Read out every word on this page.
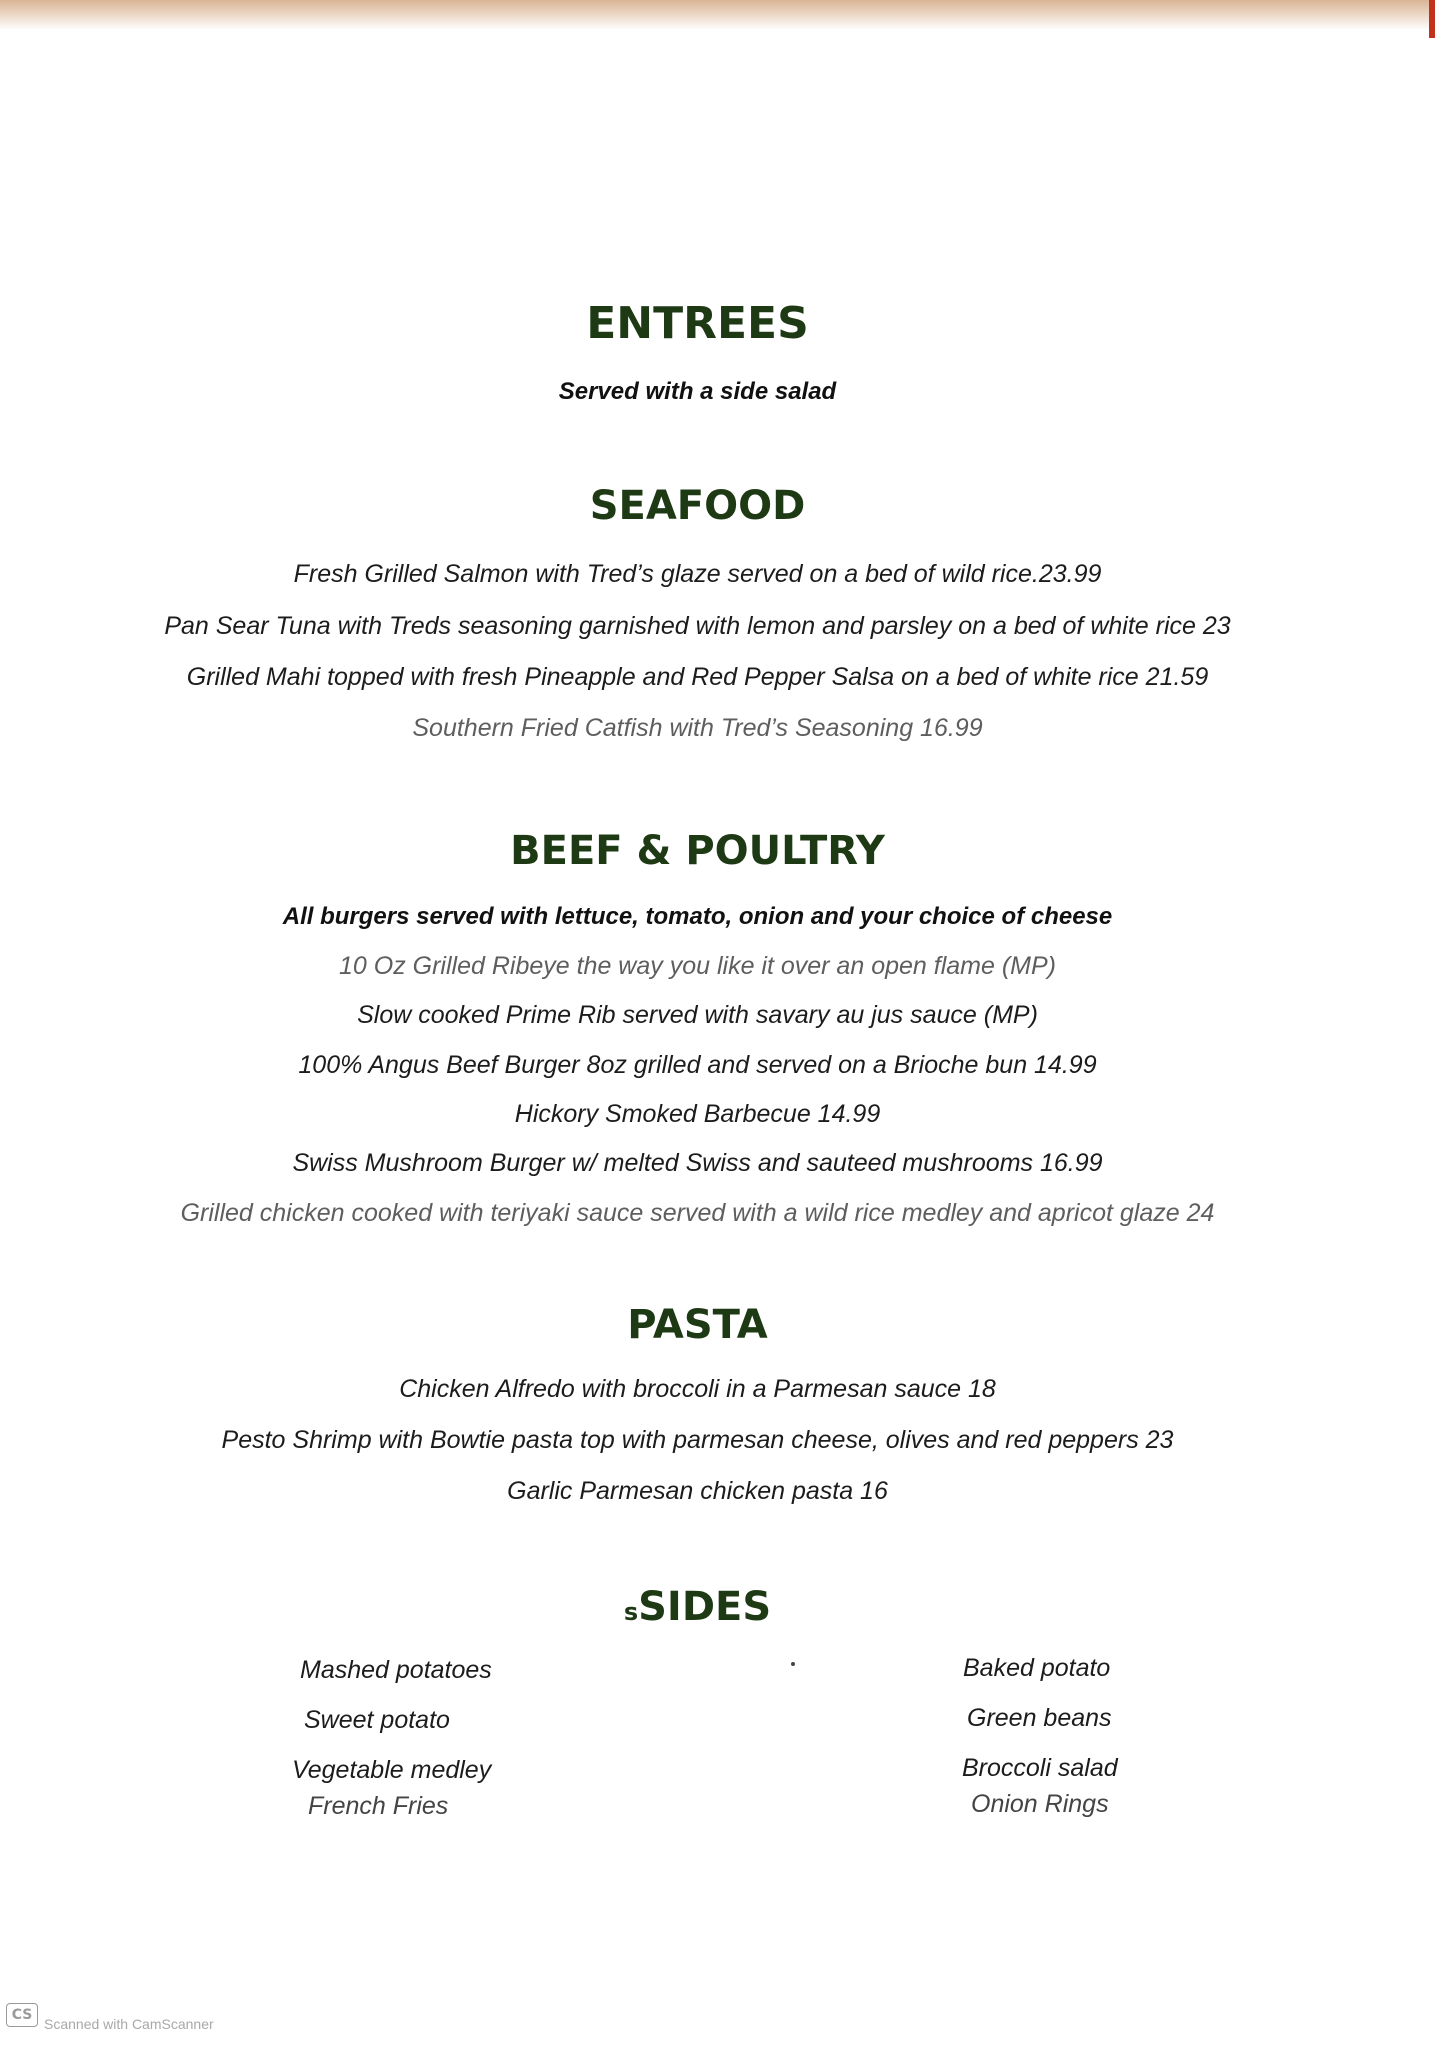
ENTREES
Served with a side salad
SEAFOOD
Fresh Grilled Salmon with Tred’s glaze served on a bed of wild rice.23.99
Pan Sear Tuna with Treds seasoning garnished with lemon and parsley on a bed of white rice 23
Grilled Mahi topped with fresh Pineapple and Red Pepper Salsa on a bed of white rice 21.59
Southern Fried Catfish with Tred’s Seasoning 16.99
BEEF & POULTRY
All burgers served with lettuce, tomato, onion and your choice of cheese
10 Oz Grilled Ribeye the way you like it over an open flame (MP)
Slow cooked Prime Rib served with savary au jus sauce (MP)
100% Angus Beef Burger 8oz grilled and served on a Brioche bun 14.99
Hickory Smoked Barbecue 14.99
Swiss Mushroom Burger w/ melted Swiss and sauteed mushrooms 16.99
Grilled chicken cooked with teriyaki sauce served with a wild rice medley and apricot glaze 24
PASTA
Chicken Alfredo with broccoli in a Parmesan sauce 18
Pesto Shrimp with Bowtie pasta top with parmesan cheese, olives and red peppers 23
Garlic Parmesan chicken pasta 16
sSIDES
Mashed potatoes
Sweet potato
Vegetable medley
French Fries
Baked potato
Green beans
Broccoli salad
Onion Rings
CS
Scanned with CamScanner
